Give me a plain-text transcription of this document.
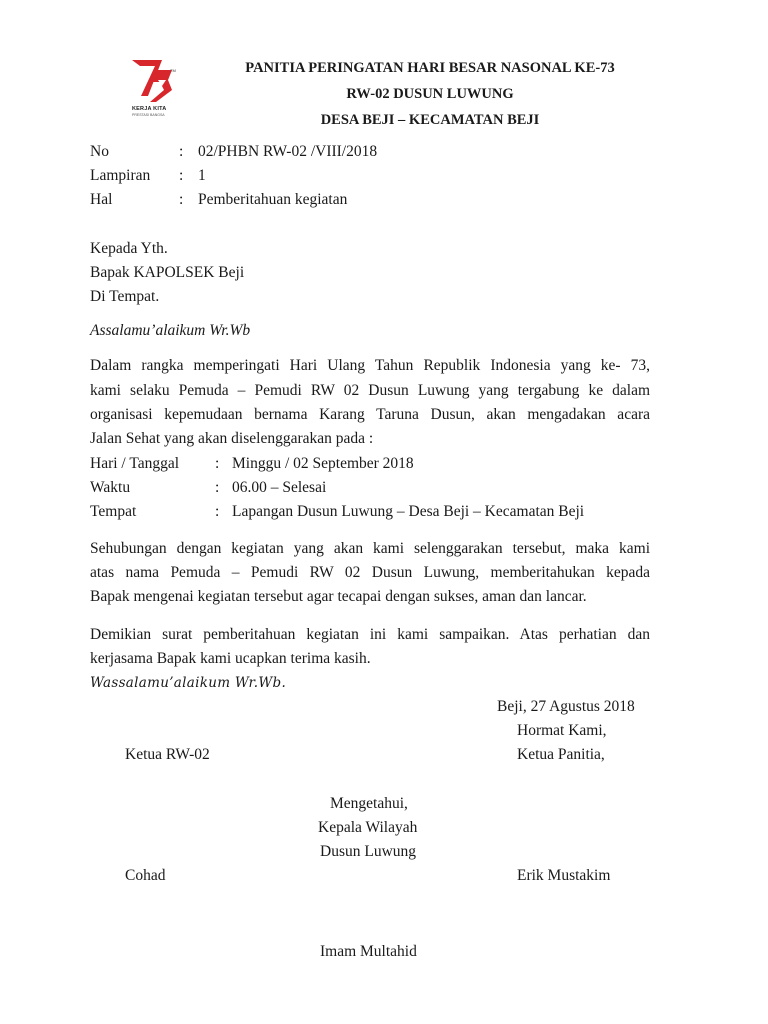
TM
KERJA KITA
PRESTASI BANGSA
PANITIA PERINGATAN HARI BESAR NASONAL KE-73
RW-02 DUSUN LUWUNG
DESA BEJI – KECAMATAN BEJI
No	: 02/PHBN RW-02 /VIII/2018
Lampiran : 1
Hal	: Pemberitahuan kegiatan
Kepada Yth.
Bapak KAPOLSEK Beji
Di Tempat.
Assalamu’alaikum Wr.Wb
Dalam rangka memperingati Hari Ulang Tahun Republik Indonesia yang ke- 73,
kami selaku Pemuda – Pemudi RW 02 Dusun Luwung yang tergabung ke dalam
organisasi kepemudaan bernama Karang Taruna Dusun, akan mengadakan acara
Jalan Sehat yang akan diselenggarakan pada :
Hari / Tanggal : Minggu / 02 September 2018
Waktu	: 06.00 – Selesai
Tempat	: Lapangan Dusun Luwung – Desa Beji – Kecamatan Beji
Sehubungan dengan kegiatan yang akan kami selenggarakan tersebut, maka kami
atas nama Pemuda – Pemudi RW 02 Dusun Luwung, memberitahukan kepada
Bapak mengenai kegiatan tersebut agar tecapai dengan sukses, aman dan lancar.
Demikian surat pemberitahuan kegiatan ini kami sampaikan. Atas perhatian dan
kerjasama Bapak kami ucapkan terima kasih.
Wassalamu’alaikum Wr.Wb.
Beji, 27 Agustus 2018
Hormat Kami,
Ketua RW-02	Ketua Panitia,
Mengetahui,
Kepala Wilayah
Dusun Luwung
Cohad	Erik Mustakim
Imam Multahid
